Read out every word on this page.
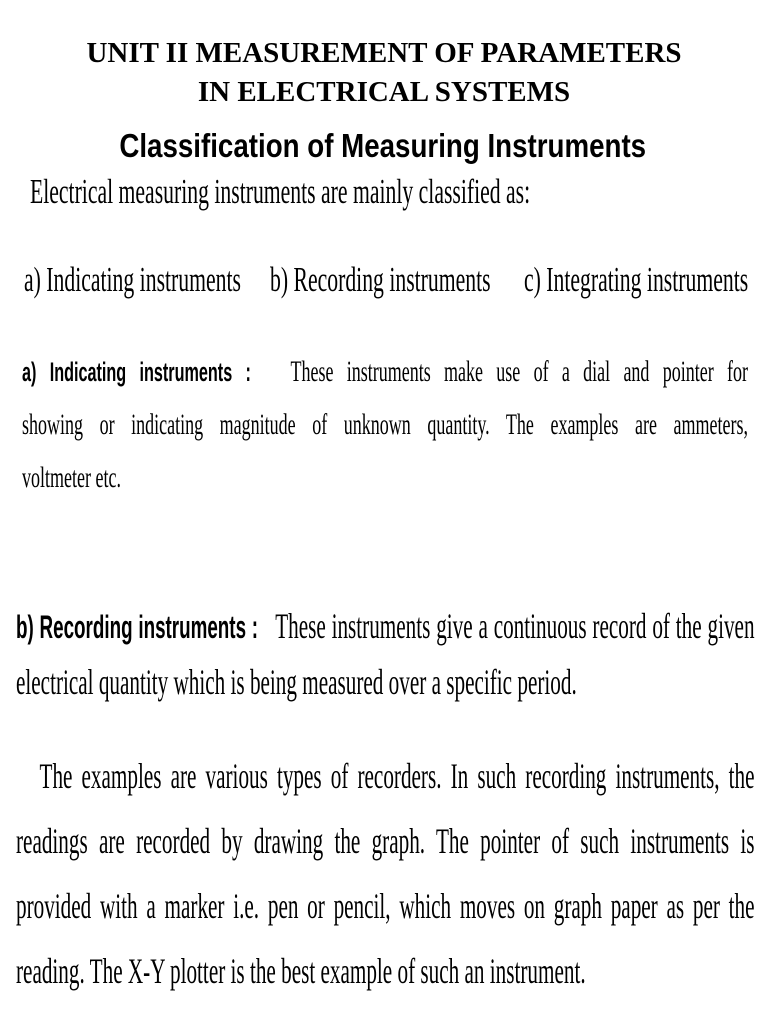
UNIT II MEASUREMENT OF PARAMETERS
IN ELECTRICAL SYSTEMS
Classification of Measuring Instruments

Electrical measuring instruments are mainly classified as:

a) Indicating instruments b) Recording instruments c) Integrating instruments

a) Indicating instruments : These instruments make use of a dial and pointer for
showing or indicating magnitude of unknown quantity. The examples are ammeters,
voltmeter etc.
b) Recording instruments : These instruments give a continuous record of the given
electrical quantity which is being measured over a specific period.
The examples are various types of recorders. In such recording instruments, the
readings are recorded by drawing the graph. The pointer of such instruments is
provided with a marker i.e. pen or pencil, which moves on graph paper as per the
reading. The X-Y plotter is the best example of such an instrument.
